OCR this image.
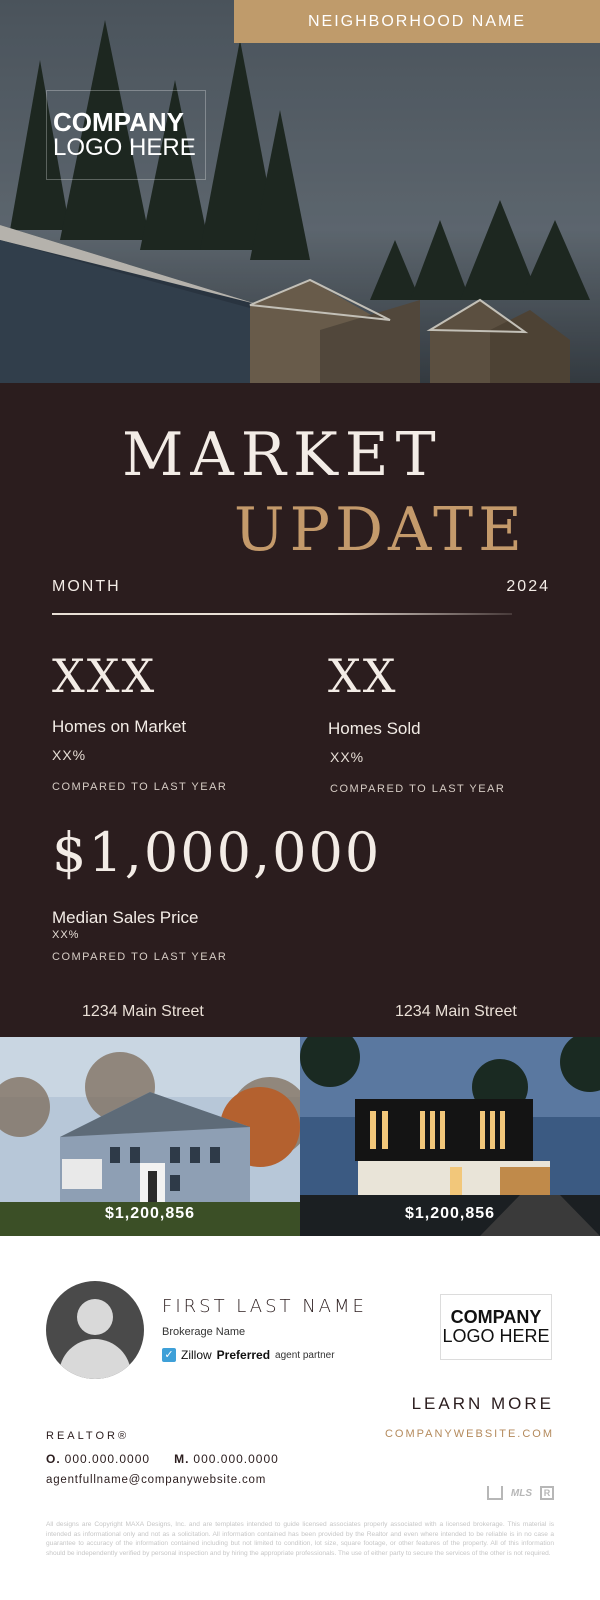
NEIGHBORHOOD NAME
COMPANY
LOGO HERE
MARKET
UPDATE
MONTH	2024
XXX
Homes on Market
XX%
COMPARED TO LAST YEAR
XX
Homes Sold
XX%
COMPARED TO LAST YEAR
$1,000,000
Median Sales Price
XX%
COMPARED TO LAST YEAR
1234 Main Street	1234 Main Street
$1,200,856	$1,200,856
FIRST LAST NAME
Brokerage Name
✓ Zillow Preferred agent partner
COMPANY
LOGO HERE
LEARN MORE
COMPANYWEBSITE.COM
REALTOR®
O. 000.000.0000 M. 000.000.0000
agentfullname@companywebsite.com
MLS	R
All designs are Copyright MAXA Designs, Inc. and are templates intended to guide licensed associates properly associated with a licensed brokerage. This material is intended as informational only and not as a solicitation. All information contained has been provided by the Realtor and even where intended to be reliable is in no case a guarantee to accuracy of the information contained including but not limited to condition, lot size, square footage, or other features of the property. All of this information should be independently verified by personal inspection and by hiring the appropriate professionals. The use of either party to secure the services of the other is not required.
